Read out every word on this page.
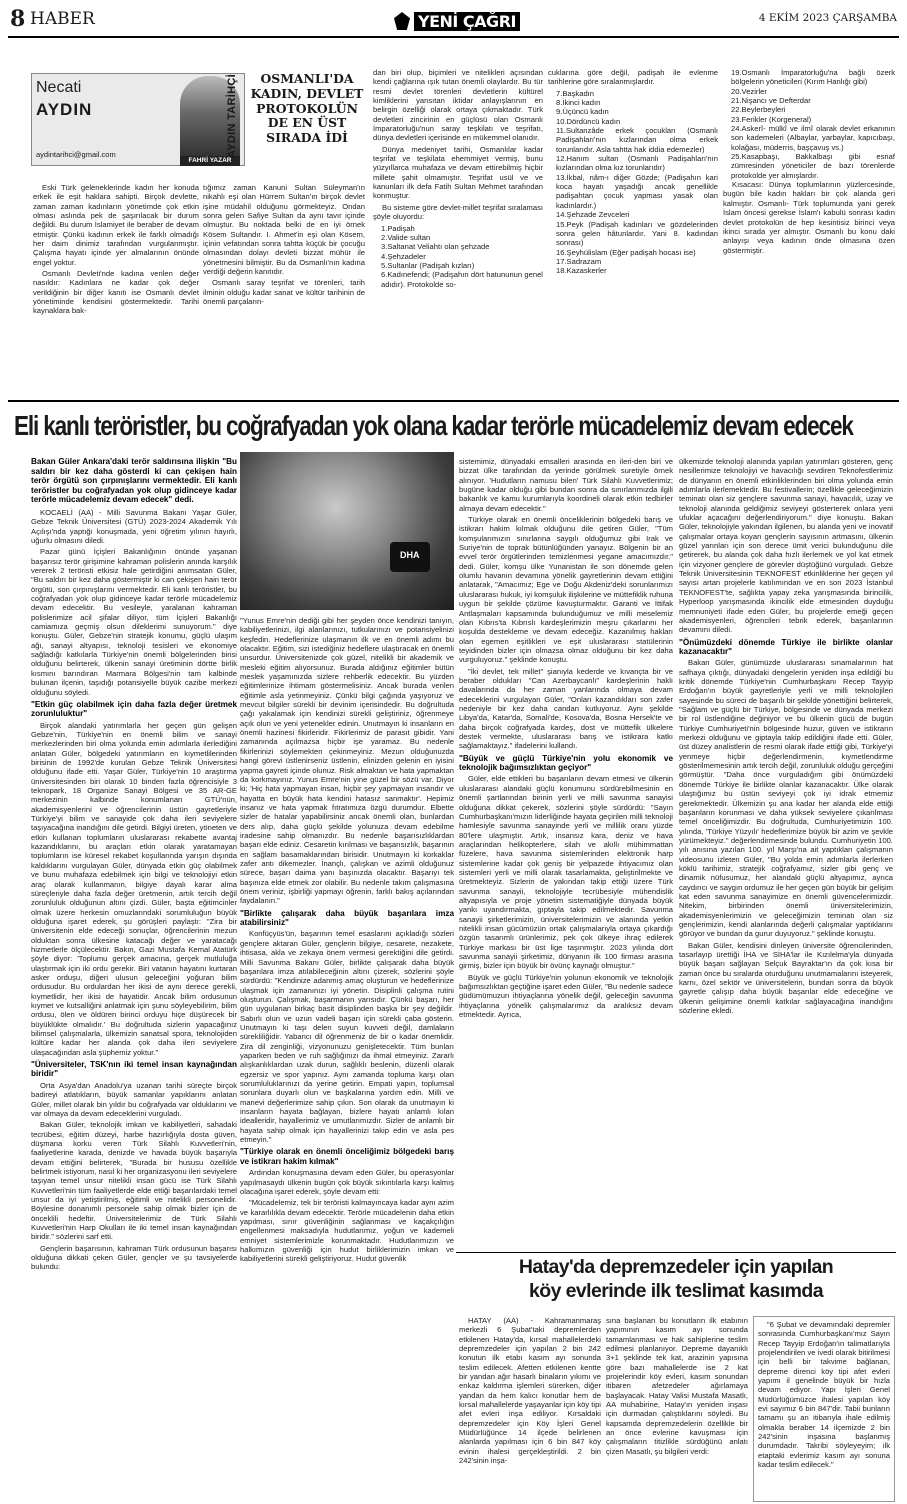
8 HABER	YENİ ÇAĞRI	4 EKİM 2023 ÇARŞAMBA
Necati
AYDIN
aydintarihci@gmail.com
FAHRİ YAZAR
AYDIN TARİHÇİ	OSMANLI'DA KADIN, DEVLET PROTOKOLÜN DE EN ÜST SIRADA İDİ

Eski Türk geleneklerinde kadın her konuda erkek ile eşit haklara sahipti. Birçok devlette, zaman zaman kadınların yönetimde çok etkin olması aslında pek de şaşırılacak bir durum değildi. Bu durum İslamiyet ile beraber de devam etmiştir. Çünkü kadının erkek ile farklı olmadığı her daim dinimiz tarafından vurgulanmıştır. Çalışma hayatı içinde yer almalarının önünde engel yoktur.

Osmanlı Devleti'nde kadına verilen değer nasıldır: Kadınlara ne kadar çok değer verildiğinin bir diğer kanıtı ise Osmanlı devlet yönetiminde kendisini göstermektedir. Tarihi kaynaklara bak-

tığımız zaman Kanuni Sultan Süleyman'ın nikahlı eşi olan Hürrem Sultan'ın birçok devlet işine müdahil olduğunu görmekteyiz. Ondan sonra gelen Safiye Sultan da aynı tavır içinde olmuştur. Bu noktada belki de en iyi örnek Kösem Sultandır. I. Ahmet'in eşi olan Kösem, içinin vefatından sonra tahtta küçük bir çocuğu olmasından dolayı devleti bizzat mühür ile yönetmesini bilmiştir. Bu da Osmanlı'nın kadına verdiği değerin kanıtıdır.

Osmanlı saray teşrifat ve törenleri, tarih ilminin olduğu kadar sanat ve kültür tarihinin de önemli parçaların-

dan biri olup, biçimleri ve nitelikleri açısından kendi çağlarına ışık tutan önemli olaylardır. Bu tür resmi devlet törenleri devletlerin kültürel kimliklerini yansıtan iktidar anlayışlarının en belirgin özelliği olarak ortaya çıkmaktadır. Türk devletleri zincirinin en güçlüsü olan Osmanlı İmparatorluğu'nun saray teşkilatı ve teşrifatı, dünya devletleri içerisinde en mükemmel olanıdır.

Dünya medeniyet tarihi, Osmanlılar kadar teşrifat ve teşkilata ehemmiyet vermiş, bunu yüzyıllarca muhafaza ve devam ettirebilmiş hiçbir millete şahit olmamıştır. Teşrifat usül ve ve kanunları ilk defa Fatih Sultan Mehmet tarafından konmuştur.

Bu sisteme göre devlet-millet teşrifat sıralaması şöyle oluyordu:

1.Padişah

2.Valide sultan

3.Saltanat Veliahtı olan şehzade

4.Şehzadeler

5.Sultanlar (Padişah kızları)

6.Kadınefendi; (Padişahın dört hatununun genel adıdır). Protokolde so-

cuklarına göre değil, padişah ile evlenme tarihlerine göre sıralanmışlardır.

7.Başkadın

8.İkinci kadın

9.Üçüncü kadın

10.Dördüncü kadın

11.Sultanzâde erkek çocukları (Osmanlı Padişahları'nın kızlarından olma erkek torunlarıdır. Asla tahtta hak iddia edemezler)

12.Hanım sultan (Osmanlı Padişahları'nın kızlarından olma kız torunlarıdır)

13.İkbal, nâm-ı diğer Gözde; (Padişahın kari koca hayatı yaşadığı ancak genellikle padişahtan çocuk yapması yasak olan kadınlardır.)

14.Şehzade Zevceleri

15.Peyk (Padişah kadınları ve gözdelerinden sonra gelen hâtunlardır. Yani 8. kadından sonrası)

16.Şeyhülislam (Eğer padişah hocası ise)

17.Sadrazam

18.Kazaskerler

19.Osmanlı İmparatorluğu'na bağlı özerk bölgelerin yöneticileri (Kırım Hanlığı gibi)

20.Vezirler

21.Nişancı ve Defterdar

22.Beylerbeyleri

23.Ferikler (Korgeneral)

24.Askerî- mülkî ve ilmî olarak devlet erkanının son kademeleri (Albaylar, yarbaylar, kapıcıbaşı, kolağası, müderris, başçavuş vs.)

25.Kasapbaşı, Bakkalbaşı gibi esnaf zümresinden yöneticiler de bazı törenlerde protokolde yer almışlardır.

Kısacası: Dünya toplumlarının yüzlercesinde, bugün bile kadın hakları bir çok alanda geri kalmıştır. Osmanlı- Türk toplumunda yani gerek İslam öncesi gerekse İslam'ı kabulü sonrası kadın devlet protokolün de hep kesintisiz birinci veya ikinci sırada yer almıştır. Osmanlı bu konu daki anlayışı veya kadının önde olmasına özen göstermiştir.

Eli kanlı teröristler, bu coğrafyadan yok olana kadar terörle mücadelemiz devam edecek

Bakan Güler Ankara'daki terör saldırısına ilişkin "Bu saldırı bir kez daha gösterdi ki can çekişen hain terör örgütü son çırpınışlarını vermektedir. Eli kanlı teröristler bu coğrafyadan yok olup gidinceye kadar terörle mücadelemiz devam edecek" dedi.

KOCAELİ (AA) - Milli Savunma Bakanı Yaşar Güler, Gebze Teknik Üniversitesi (GTÜ) 2023-2024 Akademik Yılı Açılışı'nda yaptığı konuşmada, yeni öğretim yılının hayırlı, uğurlu olmasını diledi.

Pazar günü İçişleri Bakanlığının önünde yaşanan başarısız terör girişimine kahraman polislerin anında karşılık vererek 2 teröristi etkisiz hale getirdiğini anımsatan Güler, "Bu saldırı bir kez daha göstermiştir ki can çekişen hain terör örgütü, son çırpınışlarını vermektedir. Eli kanlı teröristler, bu coğrafyadan yok olup gidinceye kadar terörle mücadelemiz devam edecektir. Bu vesileyle, yaralanan kahraman polislerimize acil şifalar diliyor, tüm İçişleri Bakanlığı camiamıza geçmiş olsun dileklerimi sunuyorum." diye konuştu. Güler, Gebze'nin stratejik konumu, güçlü ulaşım ağı, sanayi altyapısı, teknoloji tesisleri ve ekonomiye sağladığı katkılarla Türkiye'nin önemli bölgelerinden birisi olduğunu belirterek, ülkenin sanayi üretiminin dörtte birlik kısmını barındıran Marmara Bölgesi'nin tam kalbinde bulunan ilçenin, taşıdığı potansiyelle büyük cazibe merkezi olduğunu söyledi.

"Etkin güç olabilmek için daha fazla değer üretmek zorunluluktur"

Birçok alandaki yatırımlarla her geçen gün gelişen Gebze'nin, Türkiye'nin en önemli bilim ve sanayi merkezlerinden biri olma yolunda emin adımlarla ilerlediğini anlatan Güler, bölgedeki yatırımların en kıymetlilerinden birisinin de 1992'de kurulan Gebze Teknik Üniversitesi olduğunu ifade etti. Yaşar Güler, Türkiye'nin 10 araştırma üniversitesinden biri olarak 10 binden fazla öğrencisiyle 3 teknopark, 18 Organize Sanayi Bölgesi ve 35 AR-GE merkezinin kalbinde konumlanan GTÜ'nün, akademisyenlerini ve öğrencilerinin üstün gayretleriyle Türkiye'yi bilim ve sanayide çok daha ileri seviyelere taşıyacağına inandığını dile getirdi. Bilgiyi üreten, yöneten ve etkin kullanan toplumların uluslararası rekabette avantaj kazandıklarını, bu araçları etkin olarak yaratamayan toplumların ise küresel rekabet koşullarında yarışın dışında kaldıklarını vurgulayan Güler, dünyada etkin güç olabilmek ve bunu muhafaza edebilmek için bilgi ve teknolojiyi etkin araç olarak kullanmanın, bilgiye dayalı karar alma süreçleriyle daha fazla değer üretmenin, artık tercih değil zorunluluk olduğunun altını çizdi. Güler, başta eğitimcinler olmak üzere herkesin omuzlarındaki sorumluluğun büyük olduğuna işaret ederek, şu görüşleri paylaştı: "Zira bir üniversitenin elde edeceği sonuçlar, öğrencilerinin mezun olduktan sonra ülkesine katacağı değer ve yaratacağı hizmetlerle ölçülecektir. Bakın, Gazi Mustafa Kemal Atatürk şöyle diyor: 'Toplumu gerçek amacına, gerçek mutluluğa ulaştırmak için iki ordu gerekir. Biri vatanın hayatını kurtaran asker orduşu, diğeri ulusun geleceğini yoğuran bilim ordusudur. Bu ordulardan her ikisi de aynı derece gerekli, kıymetlidir, her ikisi de hayatidir. Ancak bilim ordusunun kıymet ve kutsalliğini anlatmak için şunu söyleyebilirim, bilim ordusu, ölen ve öldüren birinci orduyu hiçe düşürecek bir büyüklükte olmalıdır.' Bu doğrultuda sizlerin yapacağınız bilimsel çalışmalarla, ülkemizin sanatsal spora, teknolojiden kültüre kadar her alanda çok daha ileri seviyelere ulaşacağından asla şüphemiz yoktur."

"Üniversiteler, TSK'nın iki temel insan kaynağından biridir"

Orta Asya'dan Anadolu'ya uzanan tarihi süreçte birçok badireyi atlatıkların, büyük samanlar yapıklarını anlatan Güler, millet olarak bin yıldır bu coğrafyada var olduklarını ve var olmaya da devam edeceklerini vurguladı.

Bakan Güler, teknolojik imkan ve kabiliyetleri, sahadaki tecrübesi, eğitim düzeyi, harbe hazırlığıyla dosta güven, düşmana korku veren Türk Silahlı Kuvvetleri'nin, faaliyetlerine karada, denizde ve havada büyük başarıyla devam ettiğini belirterek, "Burada bir hususu özellikle belirtmek istiyorum, nasıl ki her organizasyonu ileri seviyelere taşıyan temel unsur nitelikli insan gücü ise Türk Silahlı Kuvvetleri'nin tüm faaliyetlerde elde ettiği başarılardaki temel unsur da iyi yetiştirilmiş, eğitimli ve nitelikli personelidir. Böylesine donanımlı personele sahip olmak bizler için de önceklili hedeftir. Üniversitelerimiz de Türk Silahlı Kuvvetleri'nin Harp Okulları ile iki temel insan kaynağından biridir." sözlerini sarf etti.

Gençlerin başarısının, kahraman Türk ordusunun başarısı olduğuna dikkati çeken Güler, gençler ve şu tavsiyelerde bulundu:

DHA

"Yunus Emre'nin dediği gibi her şeyden önce kendinizi tanıyın, kabiliyetlerinizi, ilgi alanlarınızı, tutkularınızı ve potansiyelinizi keşfedin. Hedeflerinize ulaşmanın ilk ve en önemli adımı bu olacaktır. Eğitim, sizi istediğiniz hedeflere ulaştıracak en önemli unsurdur. Üniversitenizde çok güzel, nitelikli bir akademik ve mesleki eğitim alıyorsunuz. Burada aldığınız eğitimler bütün meslek yaşamınızda sizlere rehberlik edecektir. Bu yüzden eğitimlerinize ihtimam göstermelisiniz. Ancak burada verilen eğitimle asla yetinmeyiniz. Çünkü bilgi çağında yaşıyoruz ve mevcut bilgiler sürekli bir devinim içerisindedir. Bu doğrultuda çağı yakalamak için kendinizi sürekli geliştiriniz, öğrenmeye açık olun ve yeni yetenekler edinin. Unutmayın ki insanların en önemli hazinesi fikirleridir. Fikirlerimiz de parasıt gibidir. Yani zamanında açılmazsa hiçbir işe yaramaz. Bu nedenle fikirlerinizi söylemekten çekinmeyiniz. Mezun olduğunuzda hangi görevi üstlenirseniz üstlenin, elinizden gelenin en iyisini yapma gayreti içinde olunuz. Risk almaktan ve hata yapmaktan da korkmayınız. Yunus Emre'nin yine güzel bir sözü var. Diyor ki; 'Hiç hata yapmayan insan, hiçbir şey yapmayan insandır ve hayatta en büyük hata kendini hatasız sanmaktır'. Hepimiz insanız ve hata yapmak fıtratımıza özgü durumdur. Elbette sizler de hatalar yapabilirsiniz ancak önemli olan, bunlardan ders alıp, daha güçlü şekilde yolunuza devam edebilme iradesine sahip olmanızdır. Bu nedenle başarısızlıklardan başarı elde ediniz. Cesaretin kırılması ve başarısızlık, başarının en sağlam basamaklarından birisidir. Unutmayın ki korkaklar zafer antı dikemezler. İnançlı, çalışkan ve azimli olduğunuz sürece, başarı daima yanı başınızda olacaktır. Başarıyı tek başınıza elde etmek zor olabilir. Bu nedenle takım çalışmasına önem veriniz, işbirliği yapmayı öğrenin, farklı bakış açılarından faydalanın."

"Birlikte çalışarak daha büyük başarılara imza atabilirsiniz"

Konfüçyüs'ün, başarının temel esaslarını açıkladığı sözleri gençlere aktaran Güler, gençlerin bilgiye, cesarete, nezakete, ihtisasa, akla ve zekaya önem vermesi gerektiğini dile getirdi. Milli Savunma Bakanı Güler, birlikte çalışarak daha büyük başarılara imza atılabileceğinin altını çizerek, sözlerini şöyle sürdürdü: "Kendinize adanmış amaç oluşturun ve hedeflerinize ulaşmak için zamanınızı iyi yönetin. Disiplinli çalışma rutini oluşturun. Çalışmak, başarmanın yarısıdır. Çünkü başarı, her gün uygulanan birkaç basit disiplinden başka bir şey değildir. Sabırlı olun ve uzun vadeli başarı için sürekli çaba gösterin. Unutmayın ki taşı delen suyun kuvveti değil, damlaların sürekliliğidir. Yabancı dil öğrenmeniz de bir o kadar önemlidir. Zira dil zenginliği, vizyonunuzu genişletecektir. Tüm bunları yaparken beden ve ruh sağlığınızı da ihmal etmeyiniz. Zararlı alışkanlıklardan uzak durun, sağlıklı beslenin, düzenli olarak egzersiz ve spor yapınız. Aynı zamanda topluma karşı olan sorumluluklarınızı da yerine getirin. Empati yapın, toplumsal sorunlara duyarlı olun ve başkalarına yardım edin. Milli ve manevi değerlerimize sahip çıkın. Son olarak da unutmayın ki insanların hayata bağlayan, bizlere hayatı anlamlı kılan idealleridir, hayallerimiz ve umutlarımızdır. Sizler de anlamlı bir hayata sahip olmak için hayallerinizi takip edin ve asla pes etmeyin."

"Türkiye olarak en önemli önceliğimiz bölgedeki barış ve istikrarı hakim kılmak"

Ardından konuşmasına devam eden Güler, bu operasyonlar yapılmasaydı ülkenin bugün çok büyük sıkıntılarla karşı kalmış olacağına işaret ederek, şöyle devam etti:

"Mücadelemiz, tek bir teröristi kalmayıncaya kadar aynı azim ve kararlılıkla devam edecektir. Terörle mücadelenin daha etkin yapılması, sınır güvenliğinin sağlanması ve kaçakçılığın engellenmesi maksadıyla hudutlarımız, yoğun ve kademeli emniyet sistemlerimizle korunmaktadır. Hudutlarımızın ve halkımızın güvenliği için hudut birliklerimizin imkan ve kabiliyetlerini sürekli geliştiriyoruz. Hudut güvenlik

sistemimiz, dünyadaki emsalleri arasında en ileri-den biri ve bizzat ülke tarafından da yerinde görülmek suretiyle örnek alınıyor. 'Hudutların namusu bilen' Türk Silahlı Kuvvetlerimiz; bugüne kadar olduğu gibi bundan sonra da sınırlarımızda ilgili bakanlık ve kamu kurumlarıyla koordineli olarak etkin tedbirler almaya devam edecektir."

Türkiye olarak en önemli önceliklerinin bölgedeki barış ve istikrarı hakim kılmak olduğunu dile getiren Güler, "Tüm komşularımızın sınırlarına saygılı olduğumuz gibi Irak ve Suriye'nin de toprak bütünlüğünden yanayız. Bölgenin bir an evvel terör örgütlerinden temizlenmesi yegane amacımızdır." dedi. Güler, komşu ülke Yunanistan ile son dönemde gelen olumlu havanın devamına yönelik gayretlerinin devam ettiğini anlatarak, "Amacımız; Ege ve Doğu Akdeniz'deki sorunlarımızı uluslararası hukuk, iyi komşuluk ilişkilerine ve müttefiklik ruhuna uygun bir şekilde çözüme kavuşturmaktır. Garanti ve İttifak Antlaşmaları kapsamında bulunduğumuz ve milli meselemiz olan Kıbrıs'ta Kıbrıslı kardeşlerimizin meşru çıkarlarını her koşulda destekleme ve devam edeceğiz. Kazanılmış hakları olan egemen eşitlikleri ve eşit uluslararası statülerinin teyidinden bizler için olmazsa olmaz olduğunu bir kez daha vurguluyoruz." şeklinde konuştu.

"İki devlet, tek millet" şianıyla kederde ve kıvançta bir ve beraber oldukları "Can Azerbaycanlı" kardeşlerinin haklı davalarında da her zaman yanlarında olmaya devam edeceklerini vurgulayan Güler, "Onları kazandıkları son zafer nedeniyle bir kez daha candan kutluyoruz. Aynı şekilde Libya'da, Katar'da, Somali'de, Kosova'da, Bosna Hersek'te ve daha birçok coğrafyada kardeş, dost ve müttefik ülkelere destek vermekte, uluslararası barış ve istikrara katkı sağlamaktayız." ifadelerini kullandı.

"Büyük ve güçlü Türkiye'nin yolu ekonomik ve teknolojik bağımsızlıktan geçiyor"

Güler, elde ettikleri bu başarıların devam etmesi ve ülkenin uluslararası alandaki güçlü konumunu sürdürebilmesinin en önemli şartlarından birinin yerli ve milli savunma sanayisi olduğuna dikkat çekerek, sözlerini şöyle sürdürdü: "Sayın Cumhurbaşkanı'mızın liderliğinde hayata geçirilen milli teknoloji hamlesiyle savunma sanayinde yerli ve millilik oranı yüzde 80'lere ulaşmıştır. Artık, insansız kara, deniz ve hava araçlarından helikopterlere, silah ve akıllı mühimmattan füzelere, hava savunma sistemlerinden elektronik harp sistemlerine kadar çok geniş bir yelpazede ihtiyacımız olan sistemleri yerli ve milli olarak tasarlamakta, geliştirilmekte ve üretmekteyiz. Sizlerin de yakından takip ettiği üzere Türk savunma sanayii, teknolojiyle tecrübesiyle mühendislik altyapısıyla ve proje yönetim sistematiğiyle dünyada büyük yankı uyandırmakta, gıptayla takip edilmektedir. Savunma sanayii şirketlerimizin, üniversitelerimizin ve alanında yetkin nitelikli insan gücümüzün ortak çalışmalarıyla ortaya çıkardığı özgün tasarımlı ürünlerimiz, pek çok ülkeye ihraç edilerek Türkiye markası bir üst lige taşınmıştır. 2023 yılında dört savunma sanayii şirketimiz, dünyanın ilk 100 firması arasına girmiş, bizler için büyük bir övünç kaynağı olmuştur."

Büyük ve güçlü Türkiye'nin yolunun ekonomik ve teknolojik bağımsızlıktan geçtiğine işaret eden Güler, "Bu nedenle sadece güdümümuzun ihtiyaçlarına yönelik değil, geleceğin savunma ihtiyaçlarına yönelik çalışmalarımız da aralıksız devam etmektedir. Ayrıca,

ülkemizde teknoloji alanında yapılan yatırımları gösteren, genç nesillerimize teknolojiyi ve havacılığı sevdiren Teknofestlerimiz de dünyanın en önemli etkinliklerinden biri olma yolunda emin adımlarla ilerlemektedir. Bu festivallerin; özellikle geleceğimizin teminatı olan siz gençlere savunma sanayi, havacılık, uzay ve teknoloji alanında geldiğimiz seviyeyi gösterterek onlara yeni ufuklar açacağını değerlendiriyorum." diye konuştu. Bakan Güler, teknolojiyle yakından ilgilenen, bu alanda yeni ve inovatif çalışmalar ortaya koyan gençlerin sayısının artmasını, ülkenin güzel yarınları için son derece ümit verici bulunduğunu dile getirerek, bu alanda çok daha hızlı ilerlemek ve yol kat etmek için vizyoner gençlere de görevler düştüğünü vurguladı. Gebze Teknik Üniversitesinin TEKNOFEST etkinliklerine her geçen yıl sayısı artan projelerle katılımından ve en son 2023 İstanbul TEKNOFEST'te, sağlıkta yapay zeka yarışmasında birincilik, Hyperloop yarışmasında ikincilik elde etmesinden duyduğu memnuniyeti ifade eden Güler, bu projelerde emeği geçen akademisyenleri, öğrencileri tebrik ederek, başarılarının devamını diledi.

"Önümüzdeki dönemde Türkiye ile birlikte olanlar kazanacaktır"

Bakan Güler, günümüzde uluslararası sınamalarının hat safhaya çıktığı, dünyadaki dengelerin yeniden inşa edildiği bu kritik dönemde Türkiye'nin Cumhurbaşkanı Recep Tayyip Erdoğan'ın büyük gayretleriyle yerli ve milli teknolojileri sayesinde bu süreci de başarılı bir şekilde yönettiğini belirterek, "Sağlam ve güçlü bir Türkiye, bölgesinde ve dünyada merkezi bir rol üstlendiğine değiniyor ve bu ülkenin gücü de bugün Türkiye Cumhuriyeti'nin bölgesinde huzur, güven ve istikrarın merkezi olduğunu ve giptayla takip edildiğini ifade etti. Güler, üst düzey analistlerin de resmi olarak ifade ettiği gibi, Türkiye'yi yenmeye hiçbir değerlendirmenin, kıymetlendirme gösterilmemesinin artık tercih değil, zorunluluk olduğu gerçeğini görmüştür. "Daha önce vurguladığım gibi önümüzdeki dönemde Türkiye ile birlikte olanlar kazanacaktır. Ülke olarak ulaştığımız bu üstün seviyeyi çok iyi idrak etmemiz gerekmektedir. Ülkemizin şu ana kadar her alanda elde ettiği başarıların korunması ve daha yüksek seviyelere çıkarılması temel önceliğimizdir. Bu doğrultuda, Cumhuriyetimizin 100. yılında, 'Türkiye Yüzyılı' hedeflerimize büyük bir azim ve şevkle yürümekteyiz." değerlendirmesinde bulundu. Cumhuriyetin 100. yılı anısına yazılan 100. yıl Marşı'na ait yaptıkları çalışmanın videosunu izleten Güler, "Bu yolda emin adımlarla ilerlerken köklü tarihimiz, stratejik coğrafyamız, sizler gibi genç ve dinamik nüfusumuz, her alandaki güçlü altyapımız, ayrıca caydırıcı ve saygın ordumuz ile her geçen gün büyük bir gelişim kat eden savunma sanayimize en önemli güvencelerimizdir. Nitekim, birbirinden önemli üniversitelerimizin, akademisyenlerimizin ve geleceğimizin teminatı olan siz gençlerimizin, kendi alanlarında değerli çalışmalar yaptıklarını görüyor ve bundan da gurur duyuyoruz." şeklinde konuştu.

Bakan Güler, kendisini dinleyen üniversite öğrencilerinden, tasarlayıp ürettiği İHA ve SİHA'lar ile Kızılelma'yla dünyada büyük başarı sağlayan Selçuk Bayraktar'ın da çok kısa bir zaman önce bu sıralarda oturduğunu unutmamalarını isteyerek, karnı, özel sektör ve üniversitelerin, bundan sonra da büyük gayretle çalışıp daha büyük başarılar elde edeceğine ve ülkenin gelişimine önemli katkılar sağlayacağına inandığını sözlerine ekledi.

Hatay'da depremzedeler için yapılan
köy evlerinde ilk teslimat kasımda

HATAY (AA) - Kahramanmaraş merkezli 6 Şubat'taki depremlerden etkilenen Hatay'da, kırsal mahallelerdeki depremzedeler için yapılan 2 bin 242 konutun ilk etabı kasım ayı sonunda teslim edilecek. Afetten etkilenen kentte bir yandan ağır hasarlı binaların yıkımı ve enkaz kaldırma işlemleri sürerken, diğer yandan da hem kalıcı konutlar hem de kırsal mahallelerde yaşayanlar için köy tipi afet evleri inşa ediliyor. Kırsaldaki depremzedeler için Köy İşleri Genel Müdürlüğünce 14 ilçede belirlenen alanlarda yapılması için 6 bin 847 köy evinin ihalesi gerçekleştirildi. 2 bin 242'sinin inşa-

sına başlanan bu konutların ilk etabının yapımının kasım ayı sonunda tamamlanması ve hak sahiplerine teslim edilmesi planlanıyor. Depreme dayanıklı 3+1 şeklinde tek kat, arazinin yapısına göre bazı mahallelerde ise 2 kat projelerindir köy evleri, kasım sonundan itibaren afetzedeler ağırlamaya başlayacak. Hatay Valisi Mustafa Masatlı, AA muhabirine, Hatay'ın yeniden inşası için durmadan çalıştıklarını söyledi. Bu kapsamda depremzedelerin özellikle bir an önce evlerine kavuşması için çalışmaların titizlikle sürdüğünü anlatı çizen Masatlı, şu bilgileri verdi:

"6 Şubat ve devamındaki depremler sonrasında Cumhurbaşkanı'mız Sayın Recep Tayyip Erdoğan'ın talimatlarıyla projelendirilen ve ivedi olarak bitirilmesi için belli bir takvime bağlanan, depreme direnci köy tipi afet evleri yapımı il genelinde büyük bir hızla devam ediyor. Yapı İşleri Genel Müdürlüğümüzce ihalesi yapılan köy evi sayımız 6 bin 847'dir. Tabii bunların tamamı şu an itibarıyla ihale edilmiş olmakla beraber 14 ilçemizde 2 bin 242'sinin inşasına başlanmış durumdadır. Takribi söyleyeyim; ilk etaptaki evlerimiz kasım ayı sonuna kadar teslim edilecek."
